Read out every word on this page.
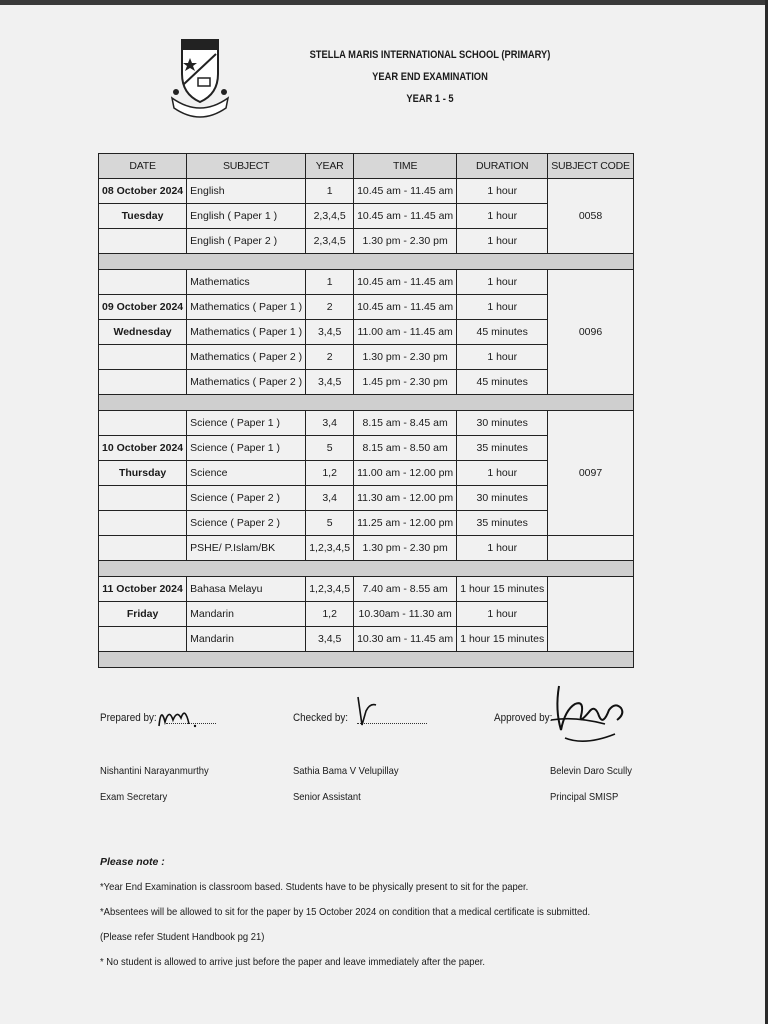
STELLA MARIS INTERNATIONAL SCHOOL (PRIMARY)
YEAR END EXAMINATION
YEAR 1 - 5
DATE	SUBJECT	YEAR	TIME	DURATION	SUBJECT CODE
08 October 2024	English	1	10.45 am - 11.45 am	1 hour	0058
Tuesday	English ( Paper 1 )	2,3,4,5	10.45 am - 11.45 am	1 hour	
	English ( Paper 2 )	2,3,4,5	1.30 pm - 2.30 pm	1 hour	

	Mathematics	1	10.45 am - 11.45 am	1 hour	0096
09 October 2024	Mathematics ( Paper 1 )	2	10.45 am - 11.45 am	1 hour	
Wednesday	Mathematics ( Paper 1 )	3,4,5	11.00 am - 11.45 am	45 minutes	
	Mathematics ( Paper 2 )	2	1.30 pm - 2.30 pm	1 hour	
	Mathematics ( Paper 2 )	3,4,5	1.45 pm - 2.30 pm	45 minutes	

	Science ( Paper 1 )	3,4	8.15 am - 8.45 am	30 minutes	0097
10 October 2024	Science ( Paper 1 )	5	8.15 am - 8.50 am	35 minutes	
Thursday	Science	1,2	11.00 am - 12.00 pm	1 hour	
	Science ( Paper 2 )	3,4	11.30 am - 12.00 pm	30 minutes	
	Science ( Paper 2 )	5	11.25 am - 12.00 pm	35 minutes	
	PSHE/ P.Islam/BK	1,2,3,4,5	1.30 pm - 2.30 pm	1 hour	

11 October 2024	Bahasa Melayu	1,2,3,4,5	7.40 am - 8.55 am	1 hour 15 minutes	
Friday	Mandarin	1,2	10.30am - 11.30 am	1 hour	
	Mandarin	3,4,5	10.30 am - 11.45 am	1 hour 15 minutes	

Prepared by:	Checked by:	Approved by:
Nishantini Narayanmurthy
Exam Secretary
Sathia Bama V Velupillay
Senior Assistant
Belevin Daro Scully
Principal SMISP
Please note :
*Year End Examination is classroom based. Students have to be physically present to sit for the paper.
*Absentees will be allowed to sit for the paper by 15 October 2024 on condition that a medical certificate is submitted.
(Please refer Student Handbook pg 21)
* No student is allowed to arrive just before the paper and leave immediately after the paper.
